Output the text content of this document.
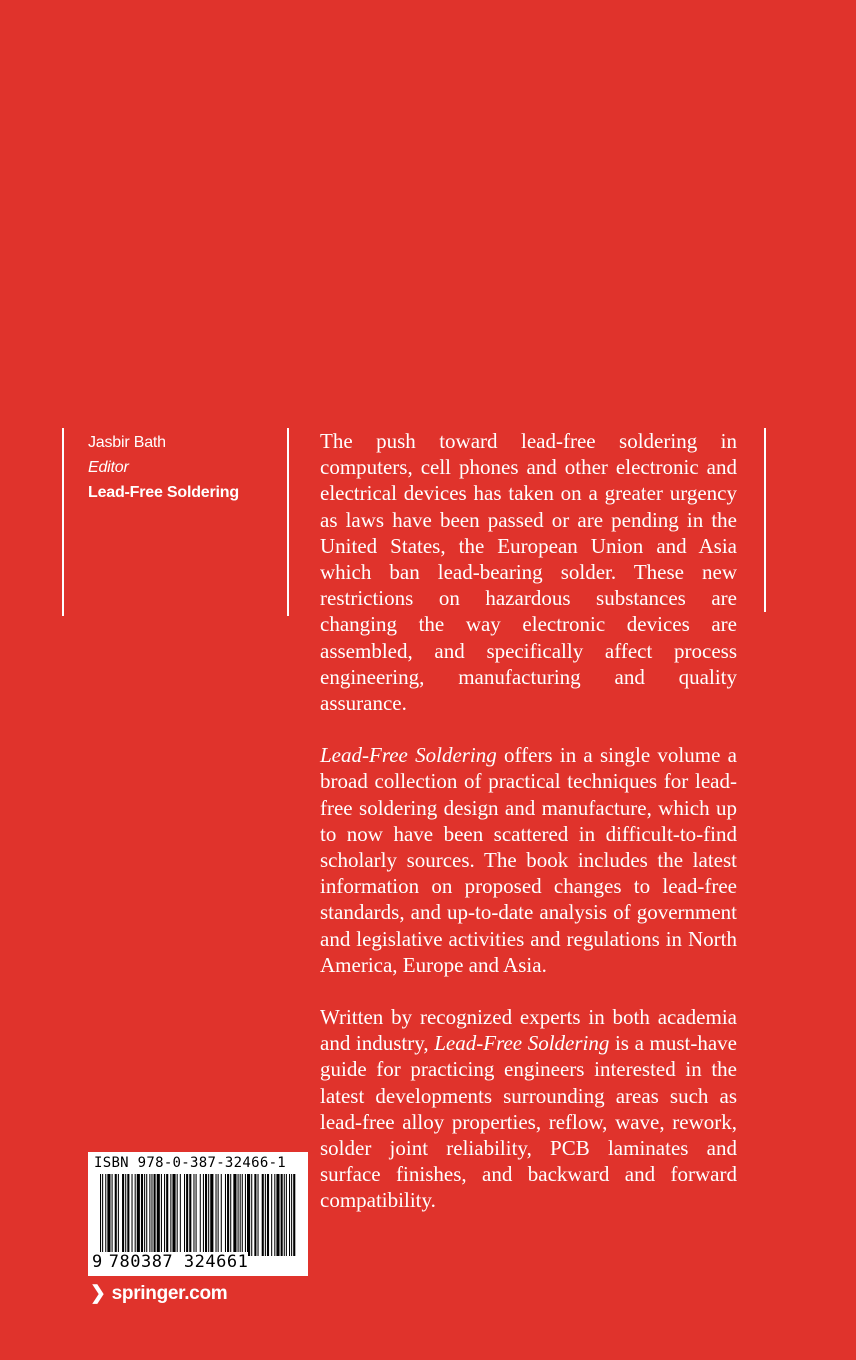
Jasbir Bath
Editor
Lead-Free Soldering

The push toward lead-free soldering in computers, cell phones and other electronic and electrical devices has taken on a greater urgency as laws have been passed or are pending in the United States, the European Union and Asia which ban lead-bearing solder. These new restrictions on hazardous substances are changing the way electronic devices are assembled, and specifically affect process engineering, manufacturing and quality assurance.

Lead-Free Soldering offers in a single volume a broad collection of practical techniques for lead-free soldering design and manufacture, which up to now have been scattered in difficult-to-find scholarly sources. The book includes the latest information on proposed changes to lead-free standards, and up-to-date analysis of government and legislative activities and regulations in North America, Europe and Asia.

Written by recognized experts in both academia and industry, Lead-Free Soldering is a must-have guide for practicing engineers interested in the latest developments surrounding areas such as lead-free alloy properties, reflow, wave, rework, solder joint reliability, PCB laminates and surface finishes, and backward and forward compatibility.

ISBN 978-0-387-32466-1
9 780387 324661
❯ springer.com
